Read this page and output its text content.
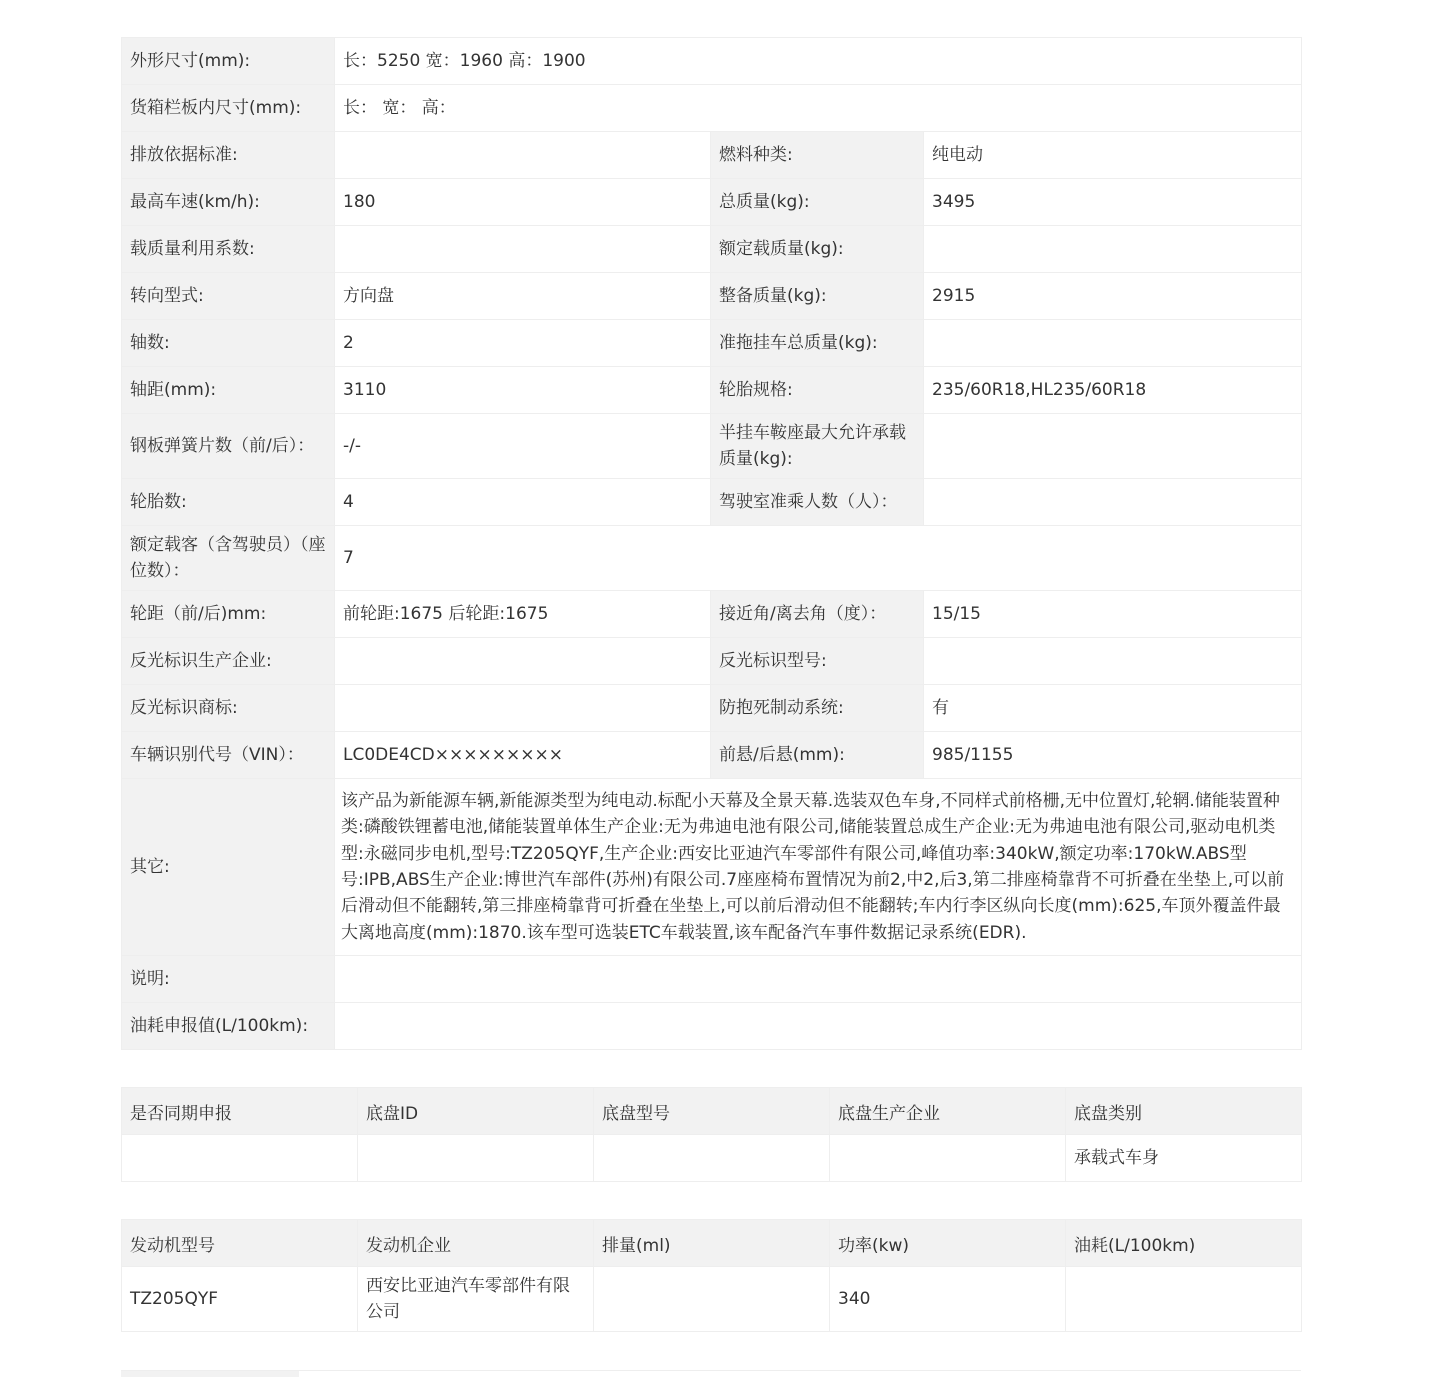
外形尺寸(mm):	长：5250 宽：1960 高：1900		
货箱栏板内尺寸(mm):	长： 宽： 高：		
排放依据标准:		燃料种类:	纯电动
最高车速(km/h):	180	总质量(kg):	3495
载质量利用系数:		额定载质量(kg):	
转向型式:	方向盘	整备质量(kg):	2915
轴数:	2	准拖挂车总质量(kg):	
轴距(mm):	3110	轮胎规格:	235/60R18,HL235/60R18
钢板弹簧片数（前/后）：	-/-	半挂车鞍座最大允许承载质量(kg):	
轮胎数:	4	驾驶室准乘人数（人）：	
额定载客（含驾驶员）（座位数）：	7		
轮距（前/后)mm:	前轮距:1675 后轮距:1675	接近角/离去角（度）：	15/15
反光标识生产企业:		反光标识型号:	
反光标识商标:		防抱死制动系统:	有
车辆识别代号（VIN）：	LC0DE4CD×××××××××	前悬/后悬(mm):	985/1155
其它:	该产品为新能源车辆,新能源类型为纯电动.标配小天幕及全景天幕.选装双色车身,不同样式前格栅,无中位置灯,轮辋.储能装置种类:磷酸铁锂蓄电池,储能装置单体生产企业:无为弗迪电池有限公司,储能装置总成生产企业:无为弗迪电池有限公司,驱动电机类型:永磁同步电机,型号:TZ205QYF,生产企业:西安比亚迪汽车零部件有限公司,峰值功率:340kW,额定功率:170kW.ABS型号:IPB,ABS生产企业:博世汽车部件(苏州)有限公司.7座座椅布置情况为前2,中2,后3,第二排座椅靠背不可折叠在坐垫上,可以前后滑动但不能翻转,第三排座椅靠背可折叠在坐垫上,可以前后滑动但不能翻转;车内行李区纵向长度(mm):625,车顶外覆盖件最大离地高度(mm):1870.该车型可选装ETC车载装置,该车配备汽车事件数据记录系统(EDR).		
说明:			
油耗申报值(L/100km):			
是否同期申报	底盘ID	底盘型号	底盘生产企业	底盘类别
				承载式车身
发动机型号	发动机企业	排量(ml)	功率(kw)	油耗(L/100km)
TZ205QYF	西安比亚迪汽车零部件有限公司		340	
